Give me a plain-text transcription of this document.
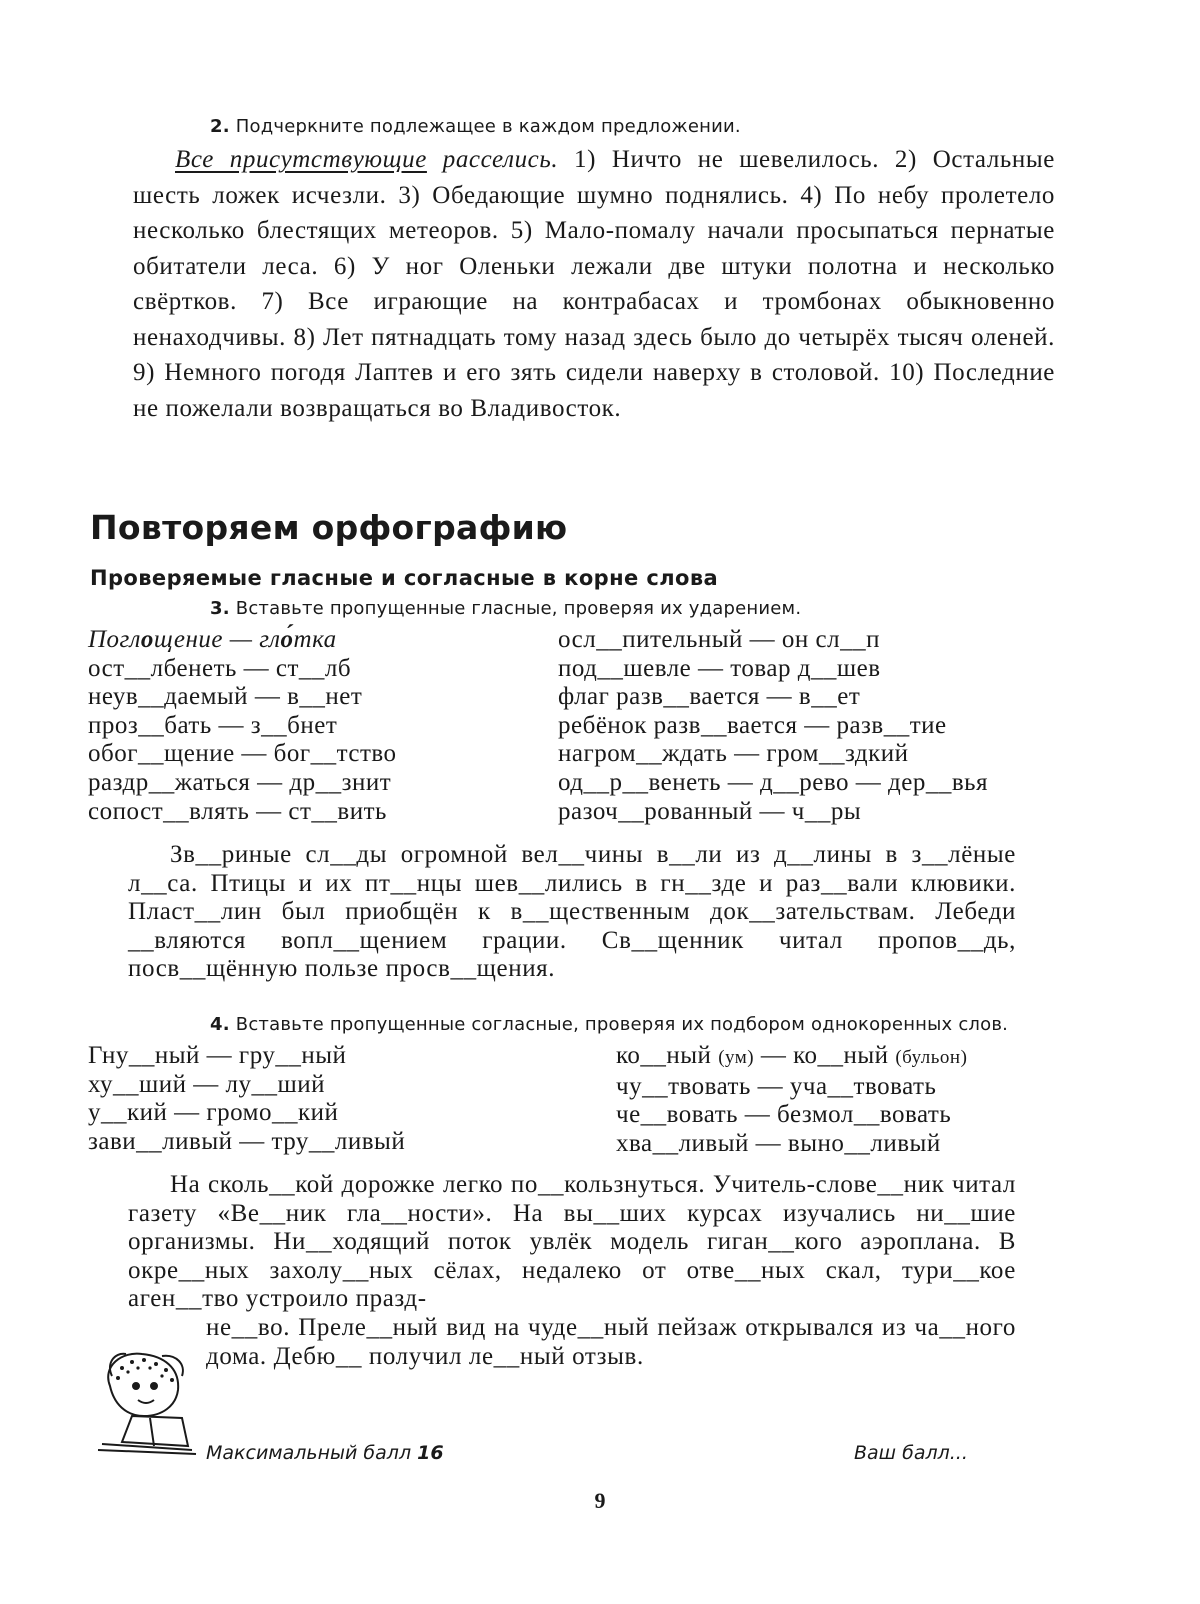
2. Подчеркните подлежащее в каждом предложении.
Все присутствующие расселись. 1) Ничто не шевелилось. 2) Остальные шесть ложек исчезли. 3) Обедающие шумно поднялись. 4) По небу пролетело несколько блестящих метеоров. 5) Мало-помалу начали просыпаться пернатые обитатели леса. 6) У ног Оленьки лежали две штуки полотна и несколько свёртков. 7) Все играющие на контрабасах и тромбонах обыкновенно ненаходчивы. 8) Лет пятнадцать тому назад здесь было до четырёх тысяч оленей. 9) Немного погодя Лаптев и его зять сидели наверху в столовой. 10) Последние не пожелали возвращаться во Владивосток.
Повторяем орфографию
Проверяемые гласные и согласные в корне слова
3. Вставьте пропущенные гласные, проверяя их ударением.
Поглощение — гло́тка
ост__лбенеть — ст__лб
неув__даемый — в__нет
проз__бать — з__бнет
обог__щение — бог__тство
раздр__жаться — др__знит
сопост__влять — ст__вить
осл__пительный — он сл__п
под__шевле — товар д__шев
флаг разв__вается — в__ет
ребёнок разв__вается — разв__тие
нагром__ждать — гром__здкий
од__р__венеть — д__рево — дер__вья
разоч__рованный — ч__ры
Зв__риные сл__ды огромной вел__чины в__ли из д__лины в з__лёные л__са. Птицы и их пт__нцы шев__лились в гн__зде и раз__вали клювики. Пласт__лин был приобщён к в__щественным док__зательствам. Лебеди __вляются вопл__щением грации. Св__щенник читал пропов__дь, посв__щённую пользе просв__щения.
4. Вставьте пропущенные согласные, проверяя их подбором однокоренных слов.
Гну__ный — гру__ный
ху__ший — лу__ший
у__кий — громо__кий
зави__ливый — тру__ливый
ко__ный (ум) — ко__ный (бульон)
чу__твовать — уча__твовать
че__вовать — безмол__вовать
хва__ливый — выно__ливый
На сколь__кой дорожке легко по__кользнуться. Учитель-слове__ник читал газету «Ве__ник гла__ности». На вы__ших курсах изучались ни__шие организмы. Ни__ходящий поток увлёк модель гиган__кого аэроплана. В окре__ных захолу__ных сёлах, недалеко от отве__ных скал, тури__кое аген__тво устроило празд-
не__во. Преле__ный вид на чуде__ный пейзаж открывался из ча__ного дома. Дебю__ получил ле__ный отзыв.
Максимальный балл 16	Ваш балл...
9
